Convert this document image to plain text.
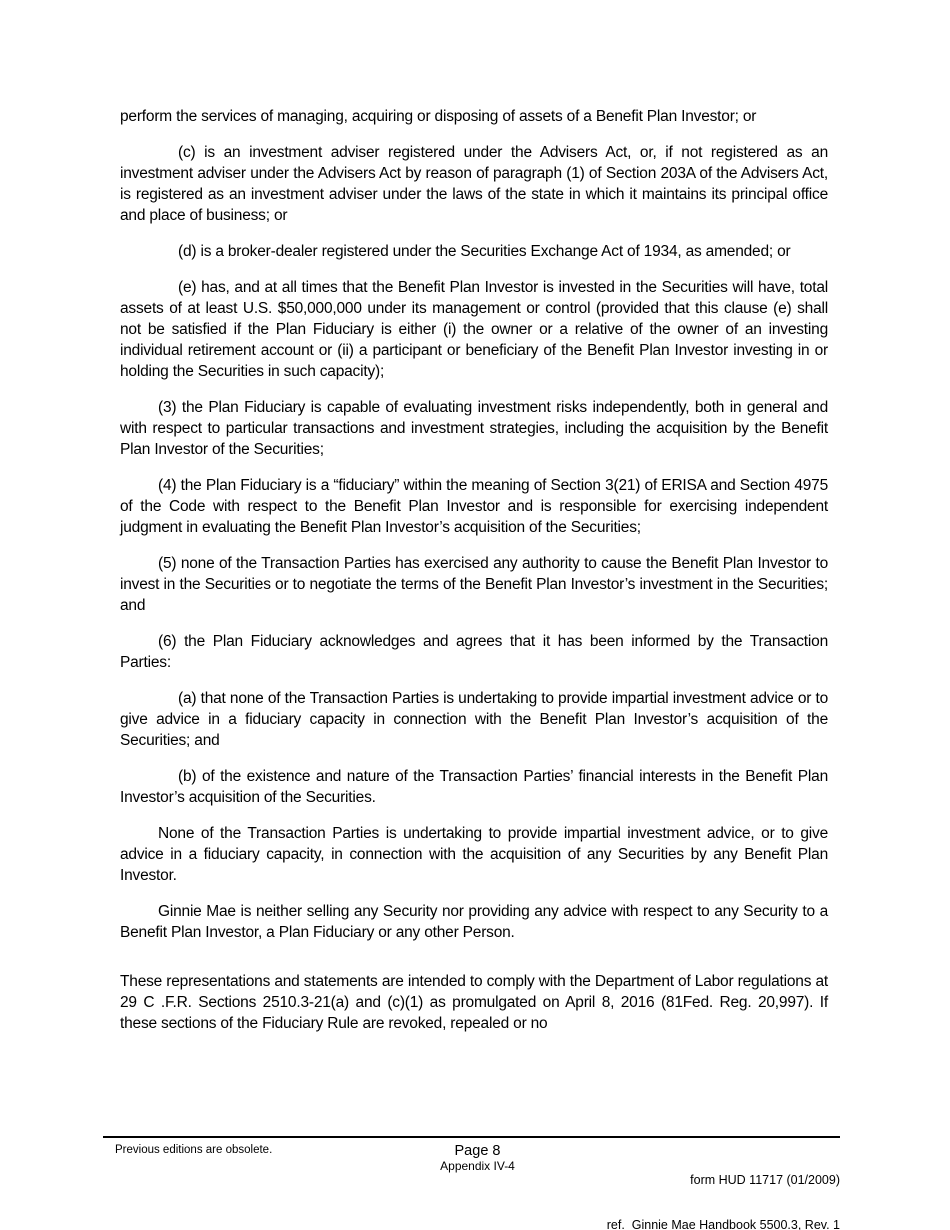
perform the services of managing, acquiring or disposing of assets of a Benefit Plan Investor; or

(c) is an investment adviser registered under the Advisers Act, or, if not registered as an investment adviser under the Advisers Act by reason of paragraph (1) of Section 203A of the Advisers Act, is registered as an investment adviser under the laws of the state in which it maintains its principal office and place of business; or

(d) is a broker-dealer registered under the Securities Exchange Act of 1934, as amended; or

(e) has, and at all times that the Benefit Plan Investor is invested in the Securities will have, total assets of at least U.S. $50,000,000 under its management or control (provided that this clause (e) shall not be satisfied if the Plan Fiduciary is either (i) the owner or a relative of the owner of an investing individual retirement account or (ii) a participant or beneficiary of the Benefit Plan Investor investing in or holding the Securities in such capacity);

(3) the Plan Fiduciary is capable of evaluating investment risks independently, both in general and with respect to particular transactions and investment strategies, including the acquisition by the Benefit Plan Investor of the Securities;

(4) the Plan Fiduciary is a “fiduciary” within the meaning of Section 3(21) of ERISA and Section 4975 of the Code with respect to the Benefit Plan Investor and is responsible for exercising independent judgment in evaluating the Benefit Plan Investor’s acquisition of the Securities;

(5) none of the Transaction Parties has exercised any authority to cause the Benefit Plan Investor to invest in the Securities or to negotiate the terms of the Benefit Plan Investor’s investment in the Securities; and

(6) the Plan Fiduciary acknowledges and agrees that it has been informed by the Transaction Parties:

(a) that none of the Transaction Parties is undertaking to provide impartial investment advice or to give advice in a fiduciary capacity in connection with the Benefit Plan Investor’s acquisition of the Securities; and

(b) of the existence and nature of the Transaction Parties’ financial interests in the Benefit Plan Investor’s acquisition of the Securities.

None of the Transaction Parties is undertaking to provide impartial investment advice, or to give advice in a fiduciary capacity, in connection with the acquisition of any Securities by any Benefit Plan Investor.

Ginnie Mae is neither selling any Security nor providing any advice with respect to any Security to a Benefit Plan Investor, a Plan Fiduciary or any other Person.

These representations and statements are intended to comply with the Department of Labor regulations at 29 C .F.R. Sections 2510.3-21(a) and (c)(1) as promulgated on April 8, 2016 (81Fed. Reg. 20,997). If these sections of the Fiduciary Rule are revoked, repealed or no

Previous editions are obsolete.	Page 8
Appendix IV-4

form HUD 11717 (01/2009)

ref.  Ginnie Mae Handbook 5500.3, Rev. 1
